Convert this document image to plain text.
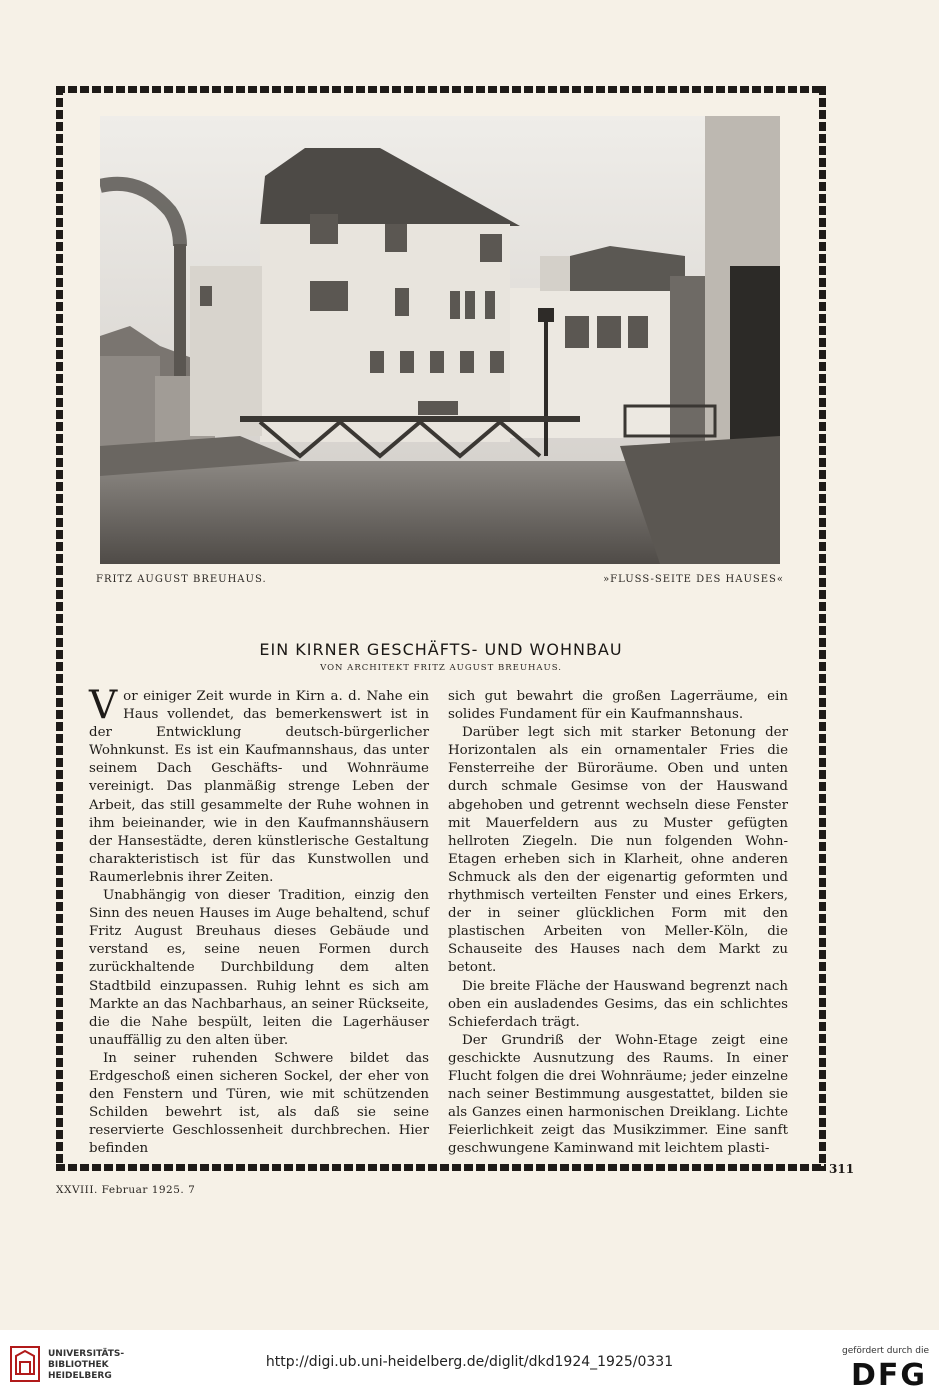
FRITZ AUGUST BREUHAUS.	»FLUSS-SEITE DES HAUSES«
EIN KIRNER GESCHÄFTS- UND WOHNBAU
VON ARCHITEKT FRITZ AUGUST BREUHAUS.

Vor einiger Zeit wurde in Kirn a. d. Nahe ein Haus vollendet, das bemerkenswert ist in der Entwicklung deutsch-bürgerlicher Wohnkunst. Es ist ein Kaufmannshaus, das unter seinem Dach Geschäfts- und Wohnräume vereinigt. Das planmäßig strenge Leben der Arbeit, das still gesammelte der Ruhe wohnen in ihm beieinander, wie in den Kaufmannshäusern der Hansestädte, deren künstlerische Gestaltung charakteristisch ist für das Kunstwollen und Raumerlebnis ihrer Zeiten.

Unabhängig von dieser Tradition, einzig den Sinn des neuen Hauses im Auge behaltend, schuf Fritz August Breuhaus dieses Gebäude und verstand es, seine neuen Formen durch zurückhaltende Durchbildung dem alten Stadtbild einzupassen. Ruhig lehnt es sich am Markte an das Nachbarhaus, an seiner Rückseite, die die Nahe bespült, leiten die Lagerhäuser unauffällig zu den alten über.

In seiner ruhenden Schwere bildet das Erdgeschoß einen sicheren Sockel, der eher von den Fenstern und Türen, wie mit schützenden Schilden bewehrt ist, als daß sie seine reservierte Geschlossenheit durchbrechen. Hier befinden

sich gut bewahrt die großen Lagerräume, ein solides Fundament für ein Kaufmannshaus.

Darüber legt sich mit starker Betonung der Horizontalen als ein ornamentaler Fries die Fensterreihe der Büroräume. Oben und unten durch schmale Gesimse von der Hauswand abgehoben und getrennt wechseln diese Fenster mit Mauerfeldern aus zu Muster gefügten hellroten Ziegeln. Die nun folgenden Wohn-Etagen erheben sich in Klarheit, ohne anderen Schmuck als den der eigenartig geformten und rhythmisch verteilten Fenster und eines Erkers, der in seiner glücklichen Form mit den plastischen Arbeiten von Meller-Köln, die Schauseite des Hauses nach dem Markt zu betont.

Die breite Fläche der Hauswand begrenzt nach oben ein ausladendes Gesims, das ein schlichtes Schieferdach trägt.

Der Grundriß der Wohn-Etage zeigt eine geschickte Ausnutzung des Raums. In einer Flucht folgen die drei Wohnräume; jeder einzelne nach seiner Bestimmung ausgestattet, bilden sie als Ganzes einen harmonischen Dreiklang. Lichte Feierlichkeit zeigt das Musikzimmer. Eine sanft geschwungene Kaminwand mit leichtem plasti-

311
XXVIII. Februar 1925. 7
UNIVERSITÄTS-
BIBLIOTHEK
HEIDELBERG
http://digi.ub.uni-heidelberg.de/diglit/dkd1924_1925/0331
gefördert durch die
DFG
